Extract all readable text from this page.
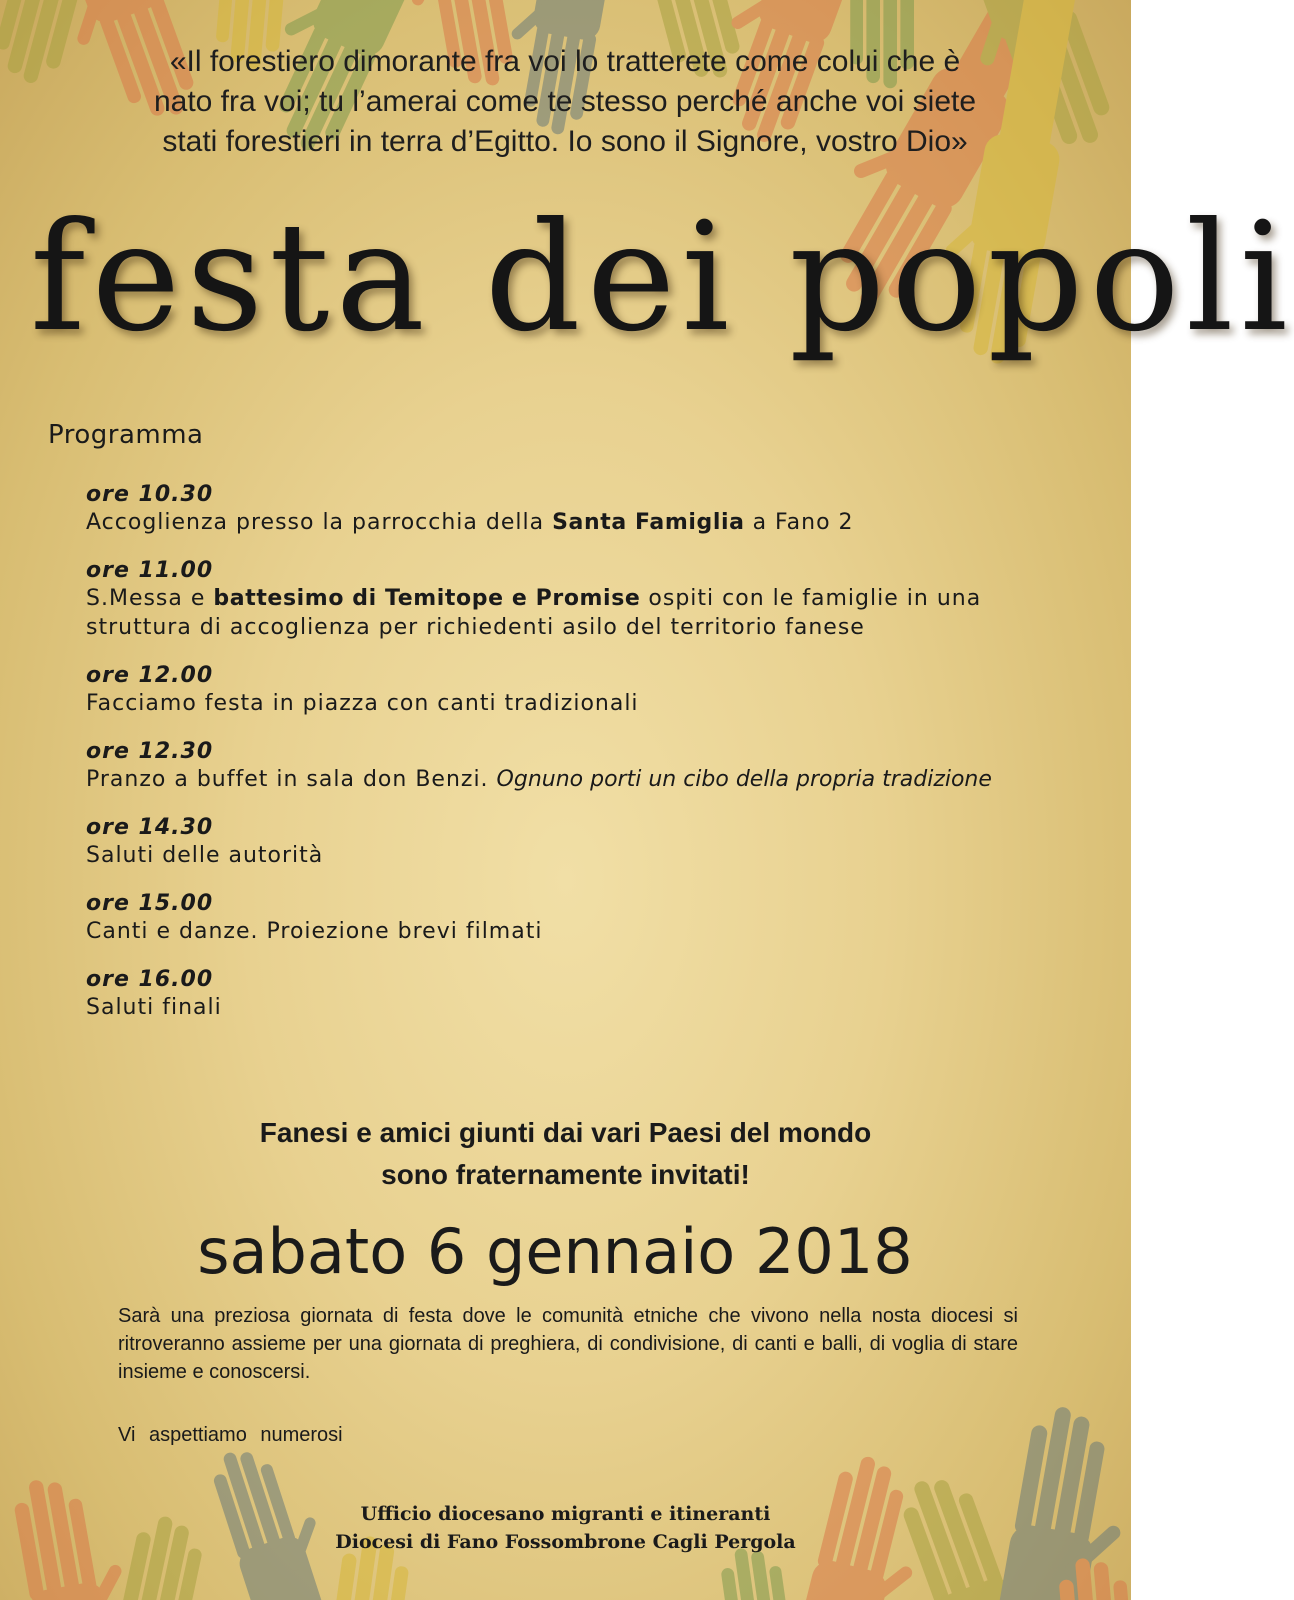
«Il forestiero dimorante fra voi lo tratterete come colui che è
nato fra voi; tu l’amerai come te stesso perché anche voi siete
stati forestieri in terra d’Egitto. Io sono il Signore, vostro Dio»
festa dei popoli
Programma
ore 10.30
Accoglienza presso la parrocchia della Santa Famiglia a Fano 2
ore 11.00
S.Messa e battesimo di Temitope e Promise ospiti con le famiglie in una
struttura di accoglienza per richiedenti asilo del territorio fanese
ore 12.00
Facciamo festa in piazza con canti tradizionali
ore 12.30
Pranzo a buffet in sala don Benzi. Ognuno porti un cibo della propria tradizione
ore 14.30
Saluti delle autorità
ore 15.00
Canti e danze. Proiezione brevi filmati
ore 16.00
Saluti finali
Fanesi e amici giunti dai vari Paesi del mondo
sono fraternamente invitati!
sabato 6 gennaio 2018
Sarà una preziosa giornata di festa dove le comunità etniche che vivono nella nosta diocesi si ritroveranno assieme per una giornata di preghiera, di condivisione, di canti e balli, di voglia di stare insieme e conoscersi.
Vi aspettiamo numerosi
Ufficio diocesano migranti e itineranti
Diocesi di Fano Fossombrone Cagli Pergola
